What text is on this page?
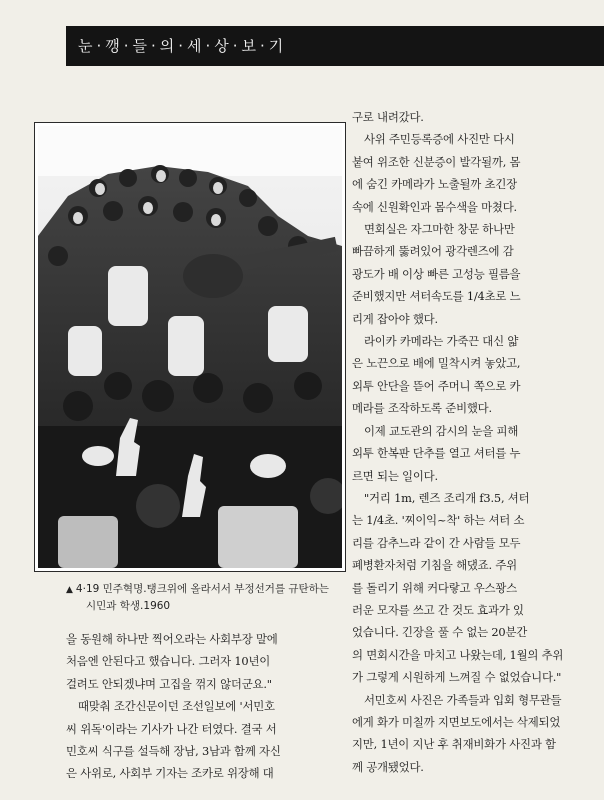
눈·깽·들·의·세·상·보·기
▲ 4·19 민주혁명.탱크위에 올라서서 부정선거를 규탄하는
시민과 학생.1960
구로 내려갔다.
사위 주민등록증에 사진만 다시
붙여 위조한 신분증이 발각될까, 몸
에 숨긴 카메라가 노출될까 초긴장
속에 신원확인과 몸수색을 마쳤다.
면회실은 자그마한 창문 하나만
빠끔하게 뚫려있어 광각렌즈에 감
광도가 배 이상 빠른 고성능 필름을
준비했지만 셔터속도를 1/4초로 느
리게 잡아야 했다.
라이카 카메라는 가죽끈 대신 얇
은 노끈으로 배에 밀착시켜 놓았고,
외투 안단을 뜯어 주머니 쪽으로 카
메라를 조작하도록 준비했다.
이제 교도관의 감시의 눈을 피해
외투 한복판 단추를 열고 셔터를 누
르면 되는 일이다.
"거리 1m, 렌즈 조리개 f3.5, 셔터
는 1/4초. '찌이익~착' 하는 셔터 소
리를 감추느라 같이 간 사람들 모두
폐병환자처럼 기침을 해댔죠. 주위
를 돌리기 위해 커다랗고 우스꽝스
러운 모자를 쓰고 간 것도 효과가 있
었습니다. 긴장을 풀 수 없는 20분간
의 면회시간을 마치고 나왔는데, 1월의 추위
가 그렇게 시원하게 느껴질 수 없었습니다."
서민호씨 사진은 가족들과 입회 형무관들
에게 화가 미칠까 지면보도에서는 삭제되었
지만, 1년이 지난 후 취재비화가 사진과 함
께 공개됐었다.
을 동원해 하나만 찍어오라는 사회부장 말에
처음엔 안된다고 했습니다. 그러자 10년이
걸려도 안되겠냐며 고집을 꺾지 않더군요."
때맞춰 조간신문이던 조선일보에 '서민호
씨 위독'이라는 기사가 나간 터였다. 결국 서
민호씨 식구를 설득해 장남, 3남과 함께 자신
은 사위로, 사회부 기자는 조카로 위장해 대
